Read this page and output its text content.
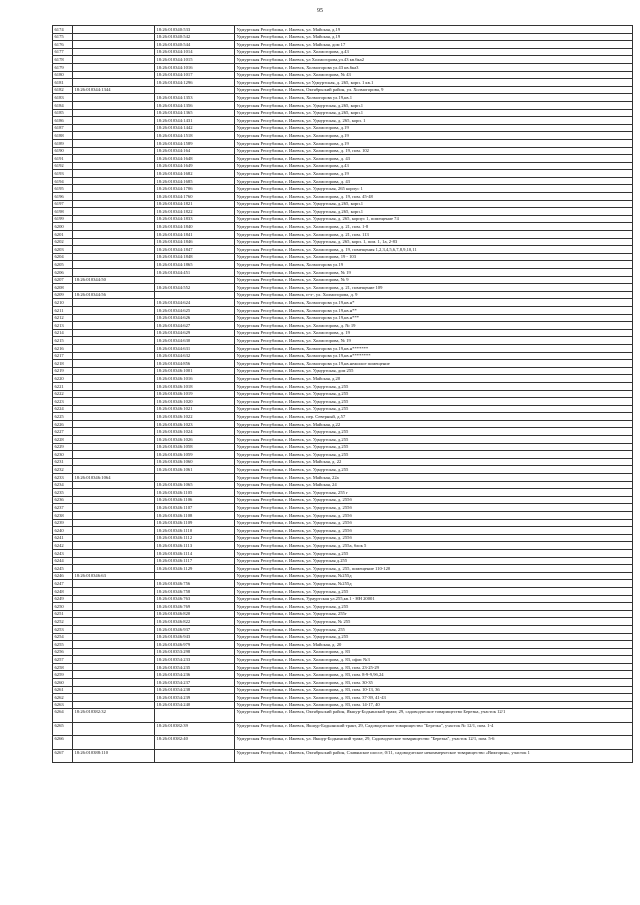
95
6174		18:26:010340:533	Удмуртская Республика, г. Ижевск, ул. Майская, д.19
6175		18:26:010340:542	Удмуртская Республика, г. Ижевск, ул. Майская, д.19
6176		18:26:010340:544	Удмуртская Республика, г. Ижевск, ул. Майская, дом 17
6177		18:26:010344:1014	Удмуртская Республика, г. Ижевск, ул. Холмогорова, д.43
6178		18:26:010344:1015	Удмуртская Республика, г. Ижевск, ул Холмогорова,ул.43 кв.6ка2
6179		18:26:010344:1016	Удмуртская Республика, г. Ижевск, Холмогорова ул.43 кв.6ка3
6180		18:26:010344:1017	Удмуртская Республика, г. Ижевск, ул. Холмогорова, № 43
6181		18:26:010344:1296	Удмуртская Республика, г. Ижевск, ул Удмуртская, д. 265, корп. 1 кв.1
6182	18:26:010344:1344		Удмуртская Республика, г. Ижевск, Октябрьский район, ул. Холмогорова, 9
6183		18:26:010344:1353	Удмуртская Республика, г. Ижевск, Холмогорова ул.19,кв.1
6184		18:26:010344:1356	Удмуртская Республика, г. Ижевск, ул. Удмуртская, д.265, корп.1
6185		18:26:010344:1365	Удмуртская Республика, г. Ижевск, ул. Удмуртская, д.265, корп.1
6186		18:26:010344:1431	Удмуртская Республика, г. Ижевск, ул. Удмуртская, д. 265, корп. 1
6187		18:26:010344:1442	Удмуртская Республика, г. Ижевск, ул. Холмогорова, д.19
6188		18:26:010344:1518	Удмуртская Республика, г. Ижевск, ул. Холмогорова, д.19
6189		18:26:010344:1589	Удмуртская Республика, г. Ижевск, ул. Холмогорова, д.19
6190		18:26:010344:164	Удмуртская Республика, г. Ижевск, ул. Холмогорова, д. 19, пом. 102
6191		18:26:010344:1648	Удмуртская Республика, г. Ижевск, ул. Холмогорова, д. 43
6192		18:26:010344:1649	Удмуртская Республика, г. Ижевск, ул. Холмогорова, д.43
6193		18:26:010344:1682	Удмуртская Республика, г. Ижевск, ул. Холмогорова, д.19
6194		18:26:010344:1685	Удмуртская Республика, г. Ижевск, ул. Холмогорова, д. 43
6195		18:26:010344:1706	Удмуртская Республика, г. Ижевск, ул. Удмуртская, 265 корпус 1
6196		18:26:010344:1760	Удмуртская Республика, г. Ижевск, ул. Холмогорова, д. 19, пом. 45-48
6197		18:26:010344:1821	Удмуртская Республика, г. Ижевск, ул. Удмуртская, д.265, корп.1
6198		18:26:010344:1822	Удмуртская Республика, г. Ижевск, ул. Удмуртская, д.265, корп.1
6199		18:26:010344:1833	Удмуртская Республика, г. Ижевск, ул. Удмуртская, д. 265, корпус 1, помещение 74
6200		18:26:010344:1840	Удмуртская Республика, г. Ижевск, ул. Холмогорова, д. 21, пом. 1-8
6201		18:26:010344:1841	Удмуртская Республика, г. Ижевск, ул. Холмогорова, д. 21, пом. 113
6202		18:26:010344:1846	Удмуртская Республика, г. Ижевск, ул. Удмуртская, д. 265, корп. 1, пом. 1, 1а, 2-83
6203		18:26:010344:1847	Удмуртская Республика, г. Ижевск, ул. Холмогорова, д. 19, помещения 1,2,3,4,5,6,7,8,9,10,11
6204		18:26:010344:1848	Удмуртская Республика, г. Ижевск, ул. Холмогорова, 19 - 103
6205		18:26:010344:1865	Удмуртская Республика, г. Ижевск, Холмогорова ул.19
6206		18:26:010344:451	Удмуртская Республика, г. Ижевск, ул. Холмогорова, № 19
6207	18:26:010344:50		Удмуртская Республика, г. Ижевск, ул. Холмогорова, № 9
6208		18:26:010344:552	Удмуртская Республика, г. Ижевск, ул. Холмогорова, д. 21, помещение 109
6209	18:26:010344:56		Удмуртская Республика, г. Ижевск, п-э-, ул. Холмогорова, д. 9
6210		18:26:010344:624	Удмуртская Республика, г. Ижевск, Холмогорова ул.19,кв.н*
6211		18:26:010344:625	Удмуртская Республика, г. Ижевск, Холмогорова ул.19,кв.н**
6212		18:26:010344:626	Удмуртская Республика, г. Ижевск, Холмогорова ул.19,кв.н***
6213		18:26:010344:627	Удмуртская Республика, г. Ижевск, ул. Холмогорова, д. № 19
6214		18:26:010344:629	Удмуртская Республика, г. Ижевск, ул. Холмогорова, д. 19
6215		18:26:010344:630	Удмуртская Республика, г. Ижевск, ул. Холмогорова, № 19
6216		18:26:010344:631	Удмуртская Республика, г. Ижевск, Холмогорова ул.19,кв.н*******
6217		18:26:010344:632	Удмуртская Республика, г. Ижевск, Холмогорова ул.19,кв.н********
6218		18:26:010344:856	Удмуртская Республика, г. Ижевск, Холмогорова ул.19,кв.нежилое помещение
6219		18:26:010346:1001	Удмуртская Республика, г. Ижевск, ул. Удмуртская, дом 255
6220		18:26:010346:1016	Удмуртская Республика, г. Ижевск, ул. Майская, д.20
6221		18:26:010346:1018	Удмуртская Республика, г. Ижевск, ул. Удмуртская, д.255
6222		18:26:010346:1019	Удмуртская Республика, г. Ижевск, ул. Удмуртская, д.255
6223		18:26:010346:1020	Удмуртская Республика, г. Ижевск, ул. Удмуртская, д.255
6224		18:26:010346:1021	Удмуртская Республика, г. Ижевск, ул. Удмуртская, д.255
6225		18:26:010346:1022	Удмуртская Республика, г. Ижевск, пер. Северный, д.57
6226		18:26:010346:1023	Удмуртская Республика, г. Ижевск, ул. Майская, д.22
6227		18:26:010346:1024	Удмуртская Республика, г. Ижевск, ул. Удмуртская, д.255
6228		18:26:010346:1026	Удмуртская Республика, г. Ижевск, ул. Удмуртская, д.255
6229		18:26:010346:1058	Удмуртская Республика, г. Ижевск, ул. Удмуртская, д.255
6230		18:26:010346:1059	Удмуртская Республика, г. Ижевск, ул. Удмуртская, д.255
6231		18:26:010346:1060	Удмуртская Республика, г. Ижевск, ул. Майская, д. 22
6232		18:26:010346:1061	Удмуртская Республика, г. Ижевск, ул. Удмуртская, д.255
6233	18:26:010346:1064		Удмуртская Республика, г. Ижевск, ул. Майская, 22а
6234		18:26:010346:1065	Удмуртская Республика, г. Ижевск, ул. Майская, 24
6235		18:26:010346:1105	Удмуртская Республика, г. Ижевск, ул. Удмуртская, 255 г
6236		18:26:010346:1106	Удмуртская Республика, г. Ижевск, ул. Удмуртская, д. 255б
6237		18:26:010346:1107	Удмуртская Республика, г. Ижевск, ул. Удмуртская, д. 255б
6238		18:26:010346:1108	Удмуртская Республика, г. Ижевск, ул. Удмуртская, д. 255б
6239		18:26:010346:1109	Удмуртская Республика, г. Ижевск, ул. Удмуртская, д. 255б
6240		18:26:010346:1110	Удмуртская Республика, г. Ижевск, ул. Удмуртская, д. 255б
6241		18:26:010346:1112	Удмуртская Республика, г. Ижевск, ул. Удмуртская, д. 255б
6242		18:26:010346:1113	Удмуртская Республика, г. Ижевск, ул. Удмуртская, д. 255а, блок 5
6243		18:26:010346:1114	Удмуртская Республика, г. Ижевск, ул. Удмуртская, д.255
6244		18:26:010346:1117	Удмуртская Республика, г. Ижевск, ул. Удмуртская д.255
6245		18:26:010346:1129	Удмуртская Республика, г. Ижевск, ул. Удмуртская, д. 255, помещение 110-120
6246	18:26:010346:63		Удмуртская Республика, г. Ижевск, ул. Удмуртская, №255д
6247		18:26:010346:756	Удмуртская Республика, г. Ижевск, ул. Удмуртская, №255д
6248		18:26:010346:758	Удмуртская Республика, г. Ижевск, ул. Удмуртская, д.255
6249		18:26:010346:763	Удмуртская Республика, г. Ижевск, Удмуртская ул.255,кв.1 - НН 20001
6250		18:26:010346:769	Удмуртская Республика, г. Ижевск, ул. Удмуртская, д.255
6251		18:26:010346:820	Удмуртская Республика, г. Ижевск, ул. Удмуртская, 255г
6252		18:26:010346:822	Удмуртская Республика, г. Ижевск, ул. Удмуртская, № 255
6253		18:26:010346:937	Удмуртская Республика, г. Ижевск, ул. Удмуртская, 255
6254		18:26:010346:943	Удмуртская Республика, г. Ижевск, ул. Удмуртская, д.255
6255		18:26:010346:979	Удмуртская Республика, г. Ижевск, ул. Майская, д. 20
6256		18:26:010353:298	Удмуртская Республика, г. Ижевск, ул. Холмогорова, д. 83
6257		18:26:010354:233	Удмуртская Республика, г. Ижевск, ул. Холмогорова, д. 83, офис №3
6258		18:26:010354:235	Удмуртская Республика, г. Ижевск, ул. Холмогорова, д. 83, пом. 23-25-29
6259		18:26:010354:236	Удмуртская Республика, г. Ижевск, ул. Холмогорова, д. 83, пом. 8-9-9,9б,24
6260		18:26:010354:237	Удмуртская Республика, г. Ижевск, ул. Холмогорова, д. 83, пом. 30-35
6261		18:26:010354:238	Удмуртская Республика, г. Ижевск, ул. Холмогорова, д. 83, пом. 10-13, 36
6262		18:26:010354:239	Удмуртская Республика, г. Ижевск, ул. Холмогорова, д. 83, пом. 37-39, 41-43
6263		18:26:010354:240	Удмуртская Республика, г. Ижевск, ул. Холмогорова, д. 83, пом. 14-17, 40
6264	18:26:010382:32		Удмуртская Республика, г. Ижевск, Октябрьский район, Якшур-Бодьинский тракт, 29, садоводческое товарищество Березка, участок 12/1
6265		18:26:010382:39	Удмуртская Республика, г. Ижевск, Якшур-Бодьинский тракт, 29, Садоводческое товарищество "Березка", участок № 12/1, пом. 1-4
6266		18:26:010382:40	Удмуртская Республика, г. Ижевск, ул. Якшур-Бодьинский тракт, 29, Садоводческое товарищество "Березка", участок 12/1, пом. 5-6
6267	18:26:010388:110		Удмуртская Республика, г. Ижевск, Октябрьский район, Славянское шоссе, 0/11, садоводческое некоммерческое товарищество «Виктория», участок 1
